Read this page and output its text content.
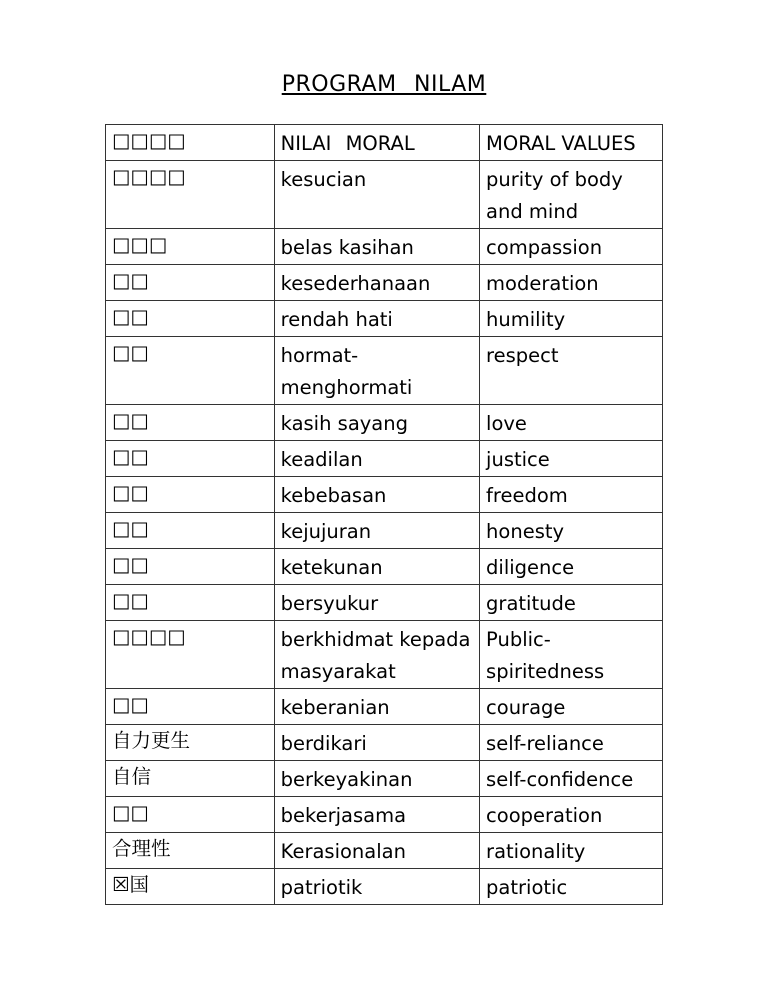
PROGRAM NILAM
□□□□	NILAI MORAL	MORAL VALUES
□□□□	kesucian	purity of body and mind
□□□	belas kasihan	compassion
□□	kesederhanaan	moderation
□□	rendah hati	humility
□□	hormat-menghormati	respect
□□	kasih sayang	love
□□	keadilan	justice
□□	kebebasan	freedom
□□	kejujuran	honesty
□□	ketekunan	diligence
□□	bersyukur	gratitude
□□□□	berkhidmat kepada masyarakat	Public-spiritedness
□□	keberanian	courage
自力更生	berdikari	self-reliance
自信	berkeyakinan	self-confidence
□□	bekerjasama	cooperation
合理性	Kerasionalan	rationality
☒国	patriotik	patriotic
